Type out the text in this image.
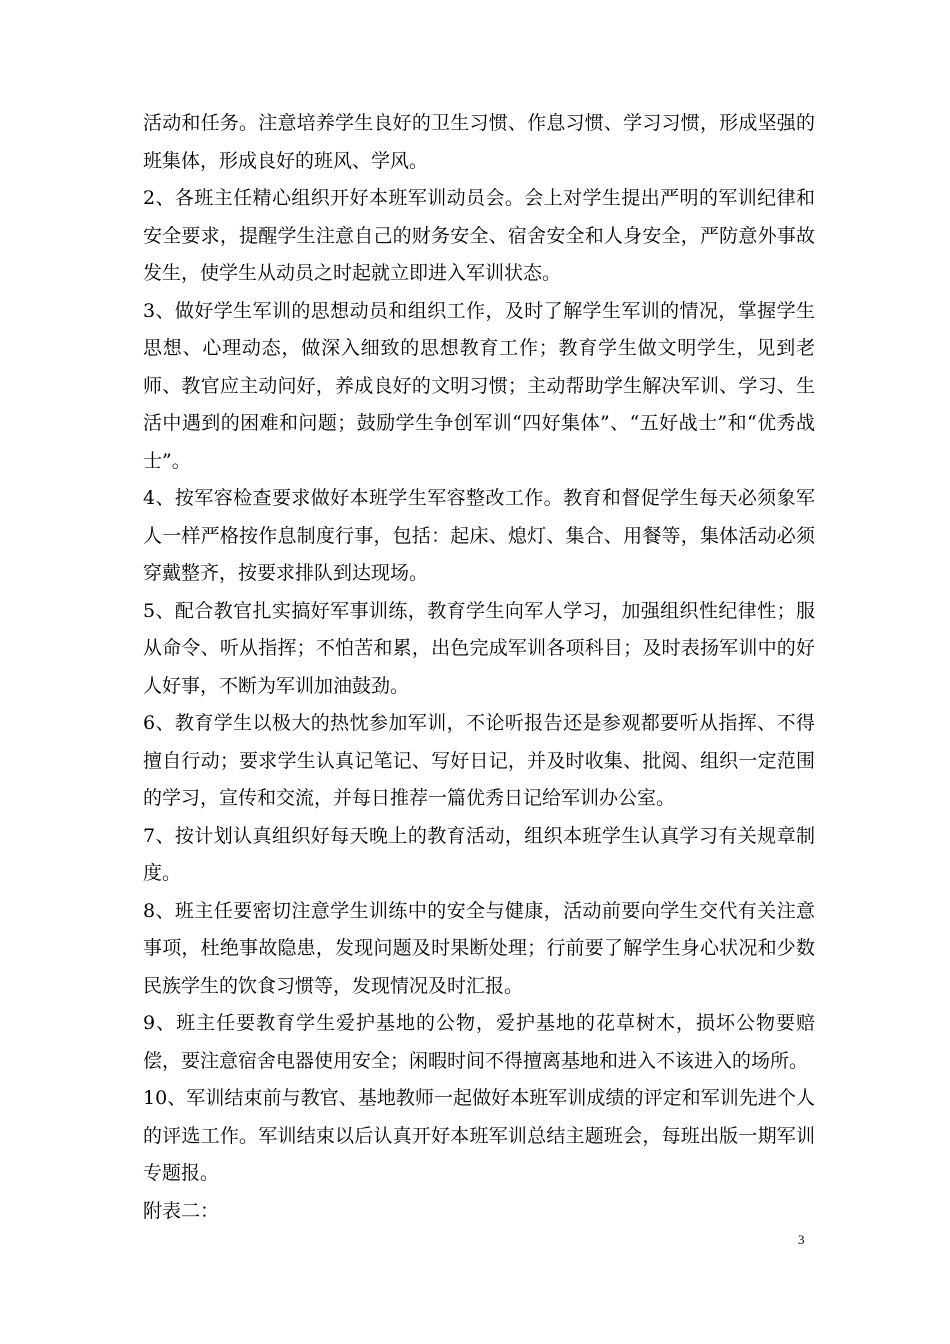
活动和任务。注意培养学生良好的卫生习惯、作息习惯、学习习惯，形成坚强的班集体，形成良好的班风、学风。

2、各班主任精心组织开好本班军训动员会。会上对学生提出严明的军训纪律和安全要求，提醒学生注意自己的财务安全、宿舍安全和人身安全，严防意外事故发生，使学生从动员之时起就立即进入军训状态。

3、做好学生军训的思想动员和组织工作，及时了解学生军训的情况，掌握学生思想、心理动态，做深入细致的思想教育工作；教育学生做文明学生，见到老师、教官应主动问好，养成良好的文明习惯；主动帮助学生解决军训、学习、生活中遇到的困难和问题；鼓励学生争创军训“四好集体”、“五好战士”和“优秀战士”。

4、按军容检查要求做好本班学生军容整改工作。教育和督促学生每天必须象军人一样严格按作息制度行事，包括：起床、熄灯、集合、用餐等，集体活动必须穿戴整齐，按要求排队到达现场。

5、配合教官扎实搞好军事训练，教育学生向军人学习，加强组织性纪律性；服从命令、听从指挥；不怕苦和累，出色完成军训各项科目；及时表扬军训中的好人好事，不断为军训加油鼓劲。

6、教育学生以极大的热忱参加军训，不论听报告还是参观都要听从指挥、不得擅自行动；要求学生认真记笔记、写好日记，并及时收集、批阅、组织一定范围的学习，宣传和交流，并每日推荐一篇优秀日记给军训办公室。

7、按计划认真组织好每天晚上的教育活动，组织本班学生认真学习有关规章制度。

8、班主任要密切注意学生训练中的安全与健康，活动前要向学生交代有关注意事项，杜绝事故隐患，发现问题及时果断处理；行前要了解学生身心状况和少数民族学生的饮食习惯等，发现情况及时汇报。

9、班主任要教育学生爱护基地的公物，爱护基地的花草树木，损坏公物要赔偿，要注意宿舍电器使用安全；闲暇时间不得擅离基地和进入不该进入的场所。

10、军训结束前与教官、基地教师一起做好本班军训成绩的评定和军训先进个人的评选工作。军训结束以后认真开好本班军训总结主题班会，每班出版一期军训专题报。

附表二：

3
